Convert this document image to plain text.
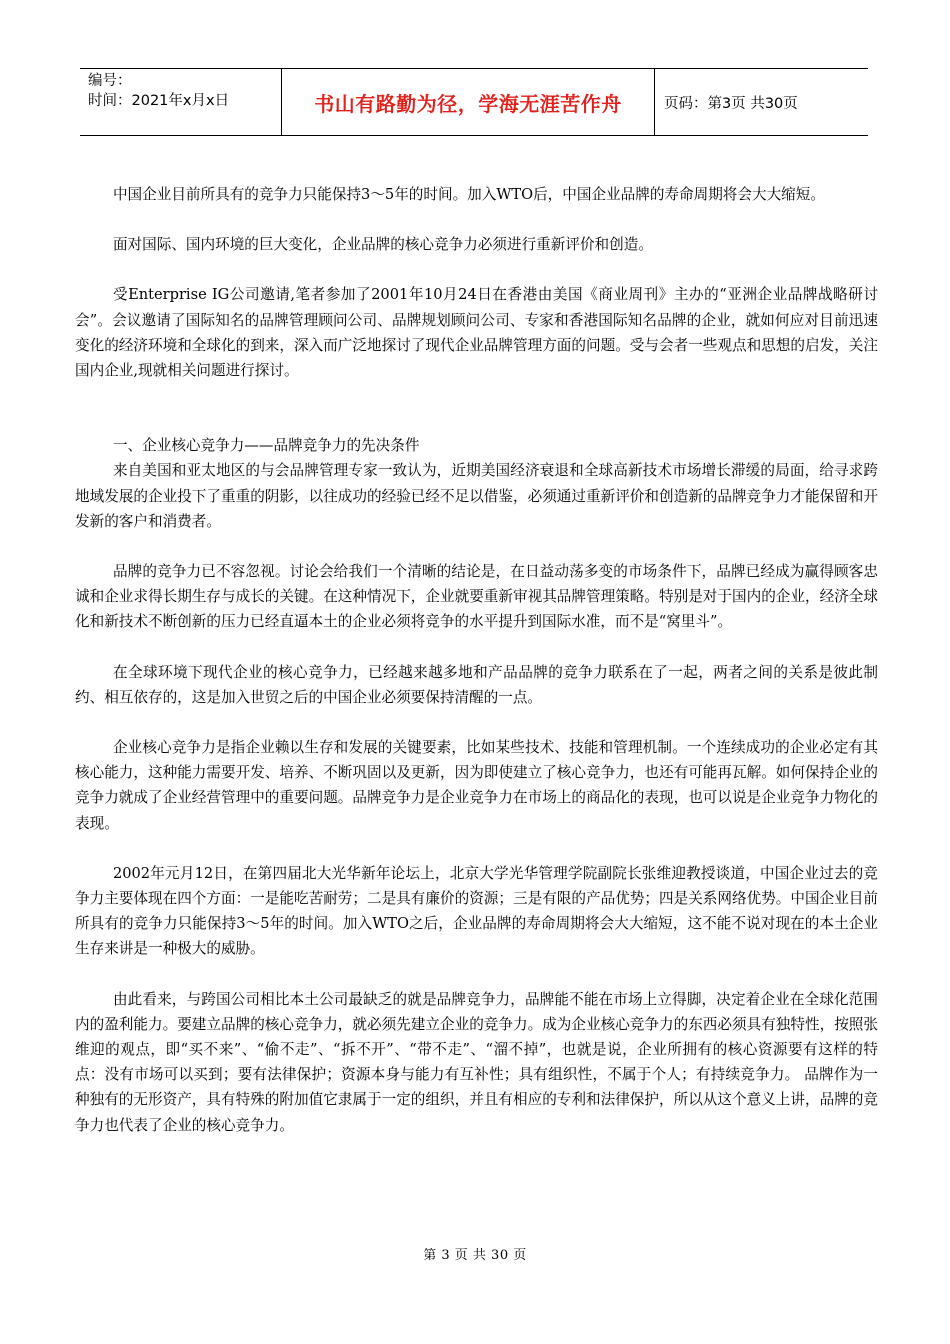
编号：
时间：2021年x月x日	书山有路勤为径，学海无涯苦作舟	页码：第3页 共30页

中国企业目前所具有的竞争力只能保持3～5年的时间。加入WTO后，中国企业品牌的寿命周期将会大大缩短。

面对国际、国内环境的巨大变化，企业品牌的核心竞争力必须进行重新评价和创造。

受Enterprise IG公司邀请,笔者参加了2001年10月24日在香港由美国《商业周刊》主办的“亚洲企业品牌战略研讨会”。会议邀请了国际知名的品牌管理顾问公司、品牌规划顾问公司、专家和香港国际知名品牌的企业，就如何应对目前迅速变化的经济环境和全球化的到来，深入而广泛地探讨了现代企业品牌管理方面的问题。受与会者一些观点和思想的启发，关注国内企业,现就相关问题进行探讨。

一、企业核心竞争力——品牌竞争力的先决条件

来自美国和亚太地区的与会品牌管理专家一致认为，近期美国经济衰退和全球高新技术市场增长滞缓的局面，给寻求跨地域发展的企业投下了重重的阴影，以往成功的经验已经不足以借鉴，必须通过重新评价和创造新的品牌竞争力才能保留和开发新的客户和消费者。

品牌的竞争力已不容忽视。讨论会给我们一个清晰的结论是，在日益动荡多变的市场条件下，品牌已经成为赢得顾客忠诚和企业求得长期生存与成长的关键。在这种情况下，企业就要重新审视其品牌管理策略。特别是对于国内的企业，经济全球化和新技术不断创新的压力已经直逼本土的企业必须将竞争的水平提升到国际水准，而不是“窝里斗”。

在全球环境下现代企业的核心竞争力，已经越来越多地和产品品牌的竞争力联系在了一起，两者之间的关系是彼此制约、相互依存的，这是加入世贸之后的中国企业必须要保持清醒的一点。

企业核心竞争力是指企业赖以生存和发展的关键要素，比如某些技术、技能和管理机制。一个连续成功的企业必定有其核心能力，这种能力需要开发、培养、不断巩固以及更新，因为即使建立了核心竞争力，也还有可能再瓦解。如何保持企业的竞争力就成了企业经营管理中的重要问题。品牌竞争力是企业竞争力在市场上的商品化的表现，也可以说是企业竞争力物化的表现。

2002年元月12日，在第四届北大光华新年论坛上，北京大学光华管理学院副院长张维迎教授谈道，中国企业过去的竞争力主要体现在四个方面：一是能吃苦耐劳；二是具有廉价的资源；三是有限的产品优势；四是关系网络优势。中国企业目前所具有的竞争力只能保持3～5年的时间。加入WTO之后，企业品牌的寿命周期将会大大缩短，这不能不说对现在的本土企业生存来讲是一种极大的威胁。

由此看来，与跨国公司相比本土公司最缺乏的就是品牌竞争力，品牌能不能在市场上立得脚，决定着企业在全球化范围内的盈利能力。要建立品牌的核心竞争力，就必须先建立企业的竞争力。成为企业核心竞争力的东西必须具有独特性，按照张维迎的观点，即“买不来”、“偷不走”、“拆不开”、“带不走”、“溜不掉”，也就是说，企业所拥有的核心资源要有这样的特点：没有市场可以买到；要有法律保护；资源本身与能力有互补性；具有组织性，不属于个人；有持续竞争力。 品牌作为一种独有的无形资产，具有特殊的附加值它隶属于一定的组织，并且有相应的专利和法律保护，所以从这个意义上讲，品牌的竞争力也代表了企业的核心竞争力。

第 3 页 共 30 页
